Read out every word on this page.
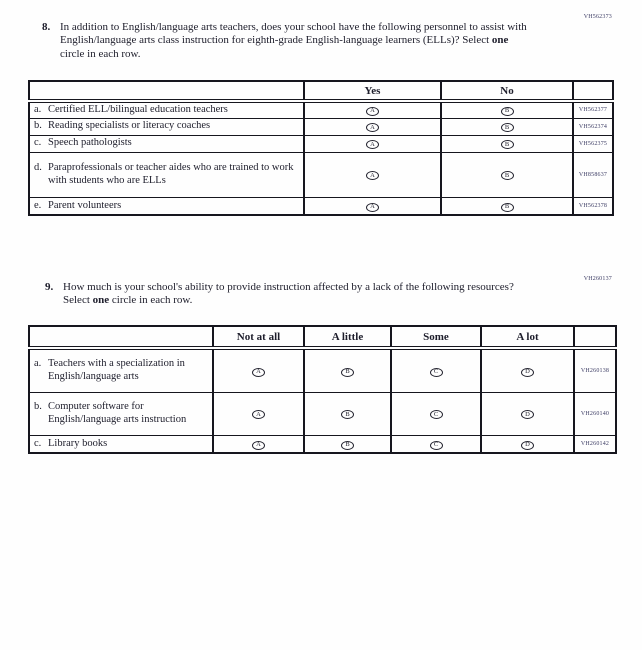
VH562373
8. In addition to English/language arts teachers, does your school have the following personnel to assist with English/language arts class instruction for eighth-grade English-language learners (ELLs)? Select one circle in each row.
	Yes	No	

a. Certified ELL/bilingual education teachers	A	B	VH562377

b. Reading specialists or literacy coaches	A	B	VH562374

c. Speech pathologists	A	B	VH562375

d. Paraprofessionals or teacher aides who are trained to work with students who are ELLs	A	B	VH858637

e. Parent volunteers	A	B	VH562378
VH260137
9. How much is your school's ability to provide instruction affected by a lack of the following resources? Select one circle in each row.
	Not at all	A little	Some	A lot	

a. Teachers with a specialization in English/language arts	A	B	C	D	VH260138

b. Computer software for English/language arts instruction	A	B	C	D	VH260140

c. Library books	A	B	C	D	VH260142
